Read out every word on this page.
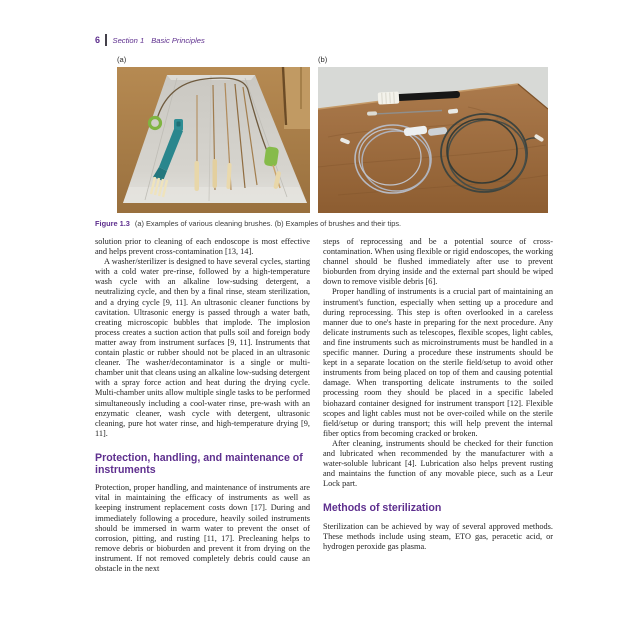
6 Section 1 Basic Principles
(a)	(b)

Figure 1.3 (a) Examples of various cleaning brushes. (b) Examples of brushes and their tips.

solution prior to cleaning of each endoscope is most effective and helps prevent cross-contamination [13, 14].

A washer/sterilizer is designed to have several cycles, starting with a cold water pre-rinse, followed by a high-temperature wash cycle with an alkaline low-sudsing detergent, a neutralizing cycle, and then by a final rinse, steam sterilization, and a drying cycle [9, 11]. An ultrasonic cleaner functions by cavitation. Ultrasonic energy is passed through a water bath, creating microscopic bubbles that implode. The implosion process creates a suction action that pulls soil and foreign body matter away from instrument surfaces [9, 11]. Instruments that contain plastic or rubber should not be placed in an ultrasonic cleaner. The washer/decontaminator is a single or multi-chamber unit that cleans using an alkaline low-sudsing detergent with a spray force action and heat during the drying cycle. Multi-chamber units allow multiple single tasks to be performed simultaneously including a cool-water rinse, pre-wash with an enzymatic cleaner, wash cycle with detergent, ultrasonic cleaning, pure hot water rinse, and high-temperature drying [9, 11].

Protection, handling, and maintenance of instruments

Protection, proper handling, and maintenance of instruments are vital in maintaining the efficacy of instruments as well as keeping instrument replacement costs down [17]. During and immediately following a procedure, heavily soiled instruments should be immersed in warm water to prevent the onset of corrosion, pitting, and rusting [11, 17]. Precleaning helps to remove debris or bioburden and prevent it from drying on the instrument. If not removed completely debris could cause an obstacle in the next

steps of reprocessing and be a potential source of cross-contamination. When using flexible or rigid endoscopes, the working channel should be flushed immediately after use to prevent bioburden from drying inside and the external part should be wiped down to remove visible debris [6].

Proper handling of instruments is a crucial part of maintaining an instrument's function, especially when setting up a procedure and during reprocessing. This step is often overlooked in a careless manner due to one's haste in preparing for the next procedure. Any delicate instruments such as telescopes, flexible scopes, light cables, and fine instruments such as microinstruments must be handled in a specific manner. During a procedure these instruments should be kept in a separate location on the sterile field/setup to avoid other instruments from being placed on top of them and causing potential damage. When transporting delicate instruments to the soiled processing room they should be placed in a specific labeled biohazard container designed for instrument transport [12]. Flexible scopes and light cables must not be over-coiled while on the sterile field/setup or during transport; this will help prevent the internal fiber optics from becoming cracked or broken.

After cleaning, instruments should be checked for their function and lubricated when recommended by the manufacturer with a water-soluble lubricant [4]. Lubrication also helps prevent rusting and maintains the function of any movable piece, such as a Leur Lock part.

Methods of sterilization

Sterilization can be achieved by way of several approved methods. These methods include using steam, ETO gas, peracetic acid, or hydrogen peroxide gas plasma.
